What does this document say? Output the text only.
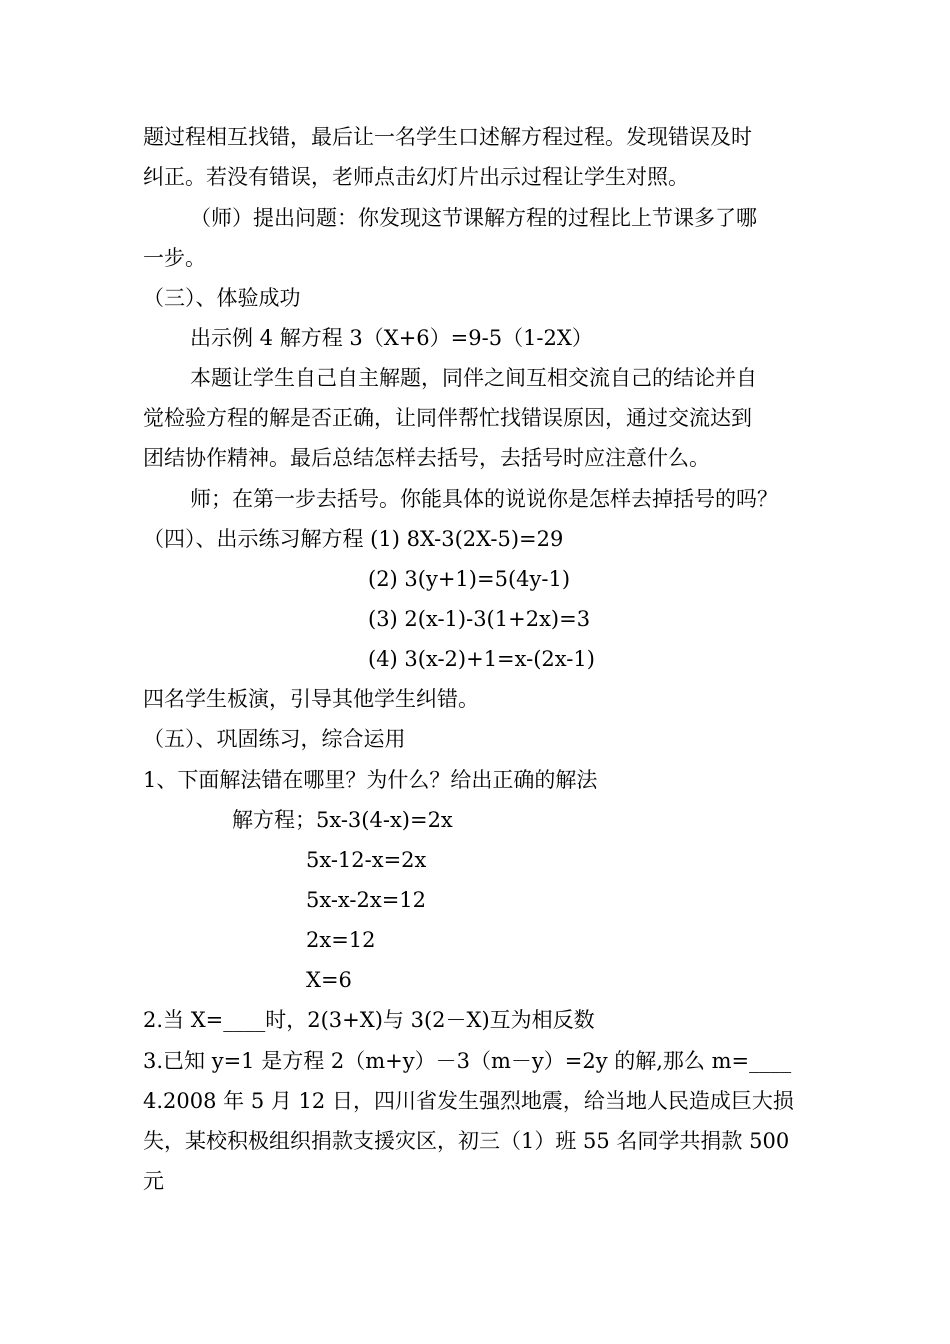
题过程相互找错，最后让一名学生口述解方程过程。发现错误及时
纠正。若没有错误，老师点击幻灯片出示过程让学生对照。
（师）提出问题：你发现这节课解方程的过程比上节课多了哪
一步。
（三）、体验成功
出示例 4 解方程 3（X+6）=9-5（1-2X）
本题让学生自己自主解题，同伴之间互相交流自己的结论并自
觉检验方程的解是否正确，让同伴帮忙找错误原因，通过交流达到
团结协作精神。最后总结怎样去括号，去括号时应注意什么。
师；在第一步去括号。你能具体的说说你是怎样去掉括号的吗？
（四）、出示练习解方程 (1) 8X-3(2X-5)=29
(2) 3(y+1)=5(4y-1)
(3) 2(x-1)-3(1+2x)=3
(4) 3(x-2)+1=x-(2x-1)
四名学生板演，引导其他学生纠错。
（五）、巩固练习，综合运用
1、下面解法错在哪里？为什么？给出正确的解法
解方程；5x-3(4-x)=2x
5x-12-x=2x
5x-x-2x=12
2x=12
X=6
2.当 X=____时，2(3+X)与 3(2－X)互为相反数
3.已知 y=1 是方程 2（m+y）－3（m－y）=2y 的解,那么 m=____
4.2008 年 5 月 12 日，四川省发生强烈地震，给当地人民造成巨大损
失，某校积极组织捐款支援灾区，初三（1）班 55 名同学共捐款 500
元
